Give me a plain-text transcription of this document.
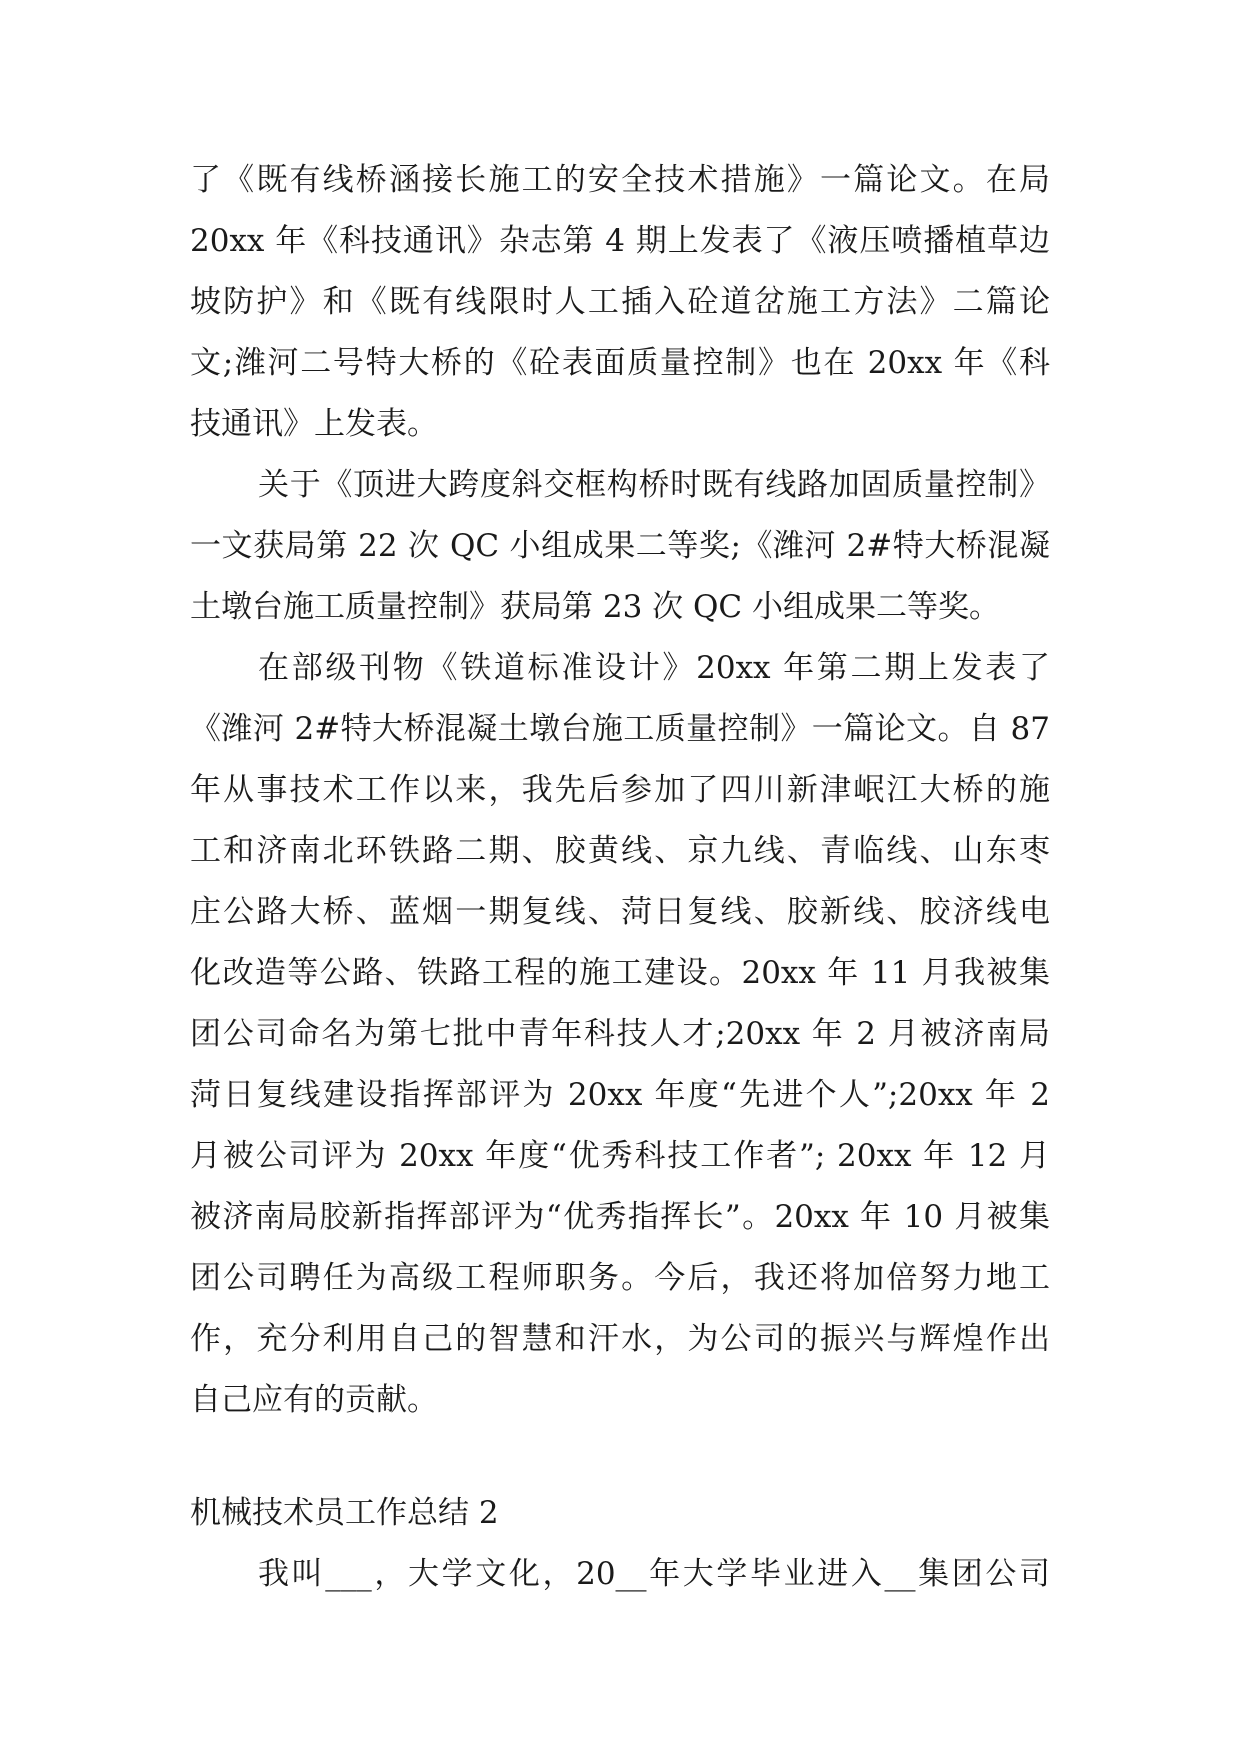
了《既有线桥涵接长施工的安全技术措施》一篇论文。在局
20xx 年《科技通讯》杂志第 4 期上发表了《液压喷播植草边
坡防护》和《既有线限时人工插入砼道岔施工方法》二篇论
文;潍河二号特大桥的《砼表面质量控制》也在 20xx 年《科
技通讯》上发表。
关于《顶进大跨度斜交框构桥时既有线路加固质量控制》
一文获局第 22 次 QC 小组成果二等奖;《潍河 2#特大桥混凝
土墩台施工质量控制》获局第 23 次 QC 小组成果二等奖。
在部级刊物《铁道标准设计》20xx 年第二期上发表了
《潍河 2#特大桥混凝土墩台施工质量控制》一篇论文。自 87
年从事技术工作以来，我先后参加了四川新津岷江大桥的施
工和济南北环铁路二期、胶黄线、京九线、青临线、山东枣
庄公路大桥、蓝烟一期复线、菏日复线、胶新线、胶济线电
化改造等公路、铁路工程的施工建设。20xx 年 11 月我被集
团公司命名为第七批中青年科技人才;20xx 年 2 月被济南局
菏日复线建设指挥部评为 20xx 年度“先进个人”;20xx 年 2
月被公司评为 20xx 年度“优秀科技工作者”; 20xx 年 12 月
被济南局胶新指挥部评为“优秀指挥长”。20xx 年 10 月被集
团公司聘任为高级工程师职务。今后，我还将加倍努力地工
作，充分利用自己的智慧和汗水，为公司的振兴与辉煌作出
自己应有的贡献。
机械技术员工作总结 2
我叫___，大学文化，20__年大学毕业进入__集团公司
